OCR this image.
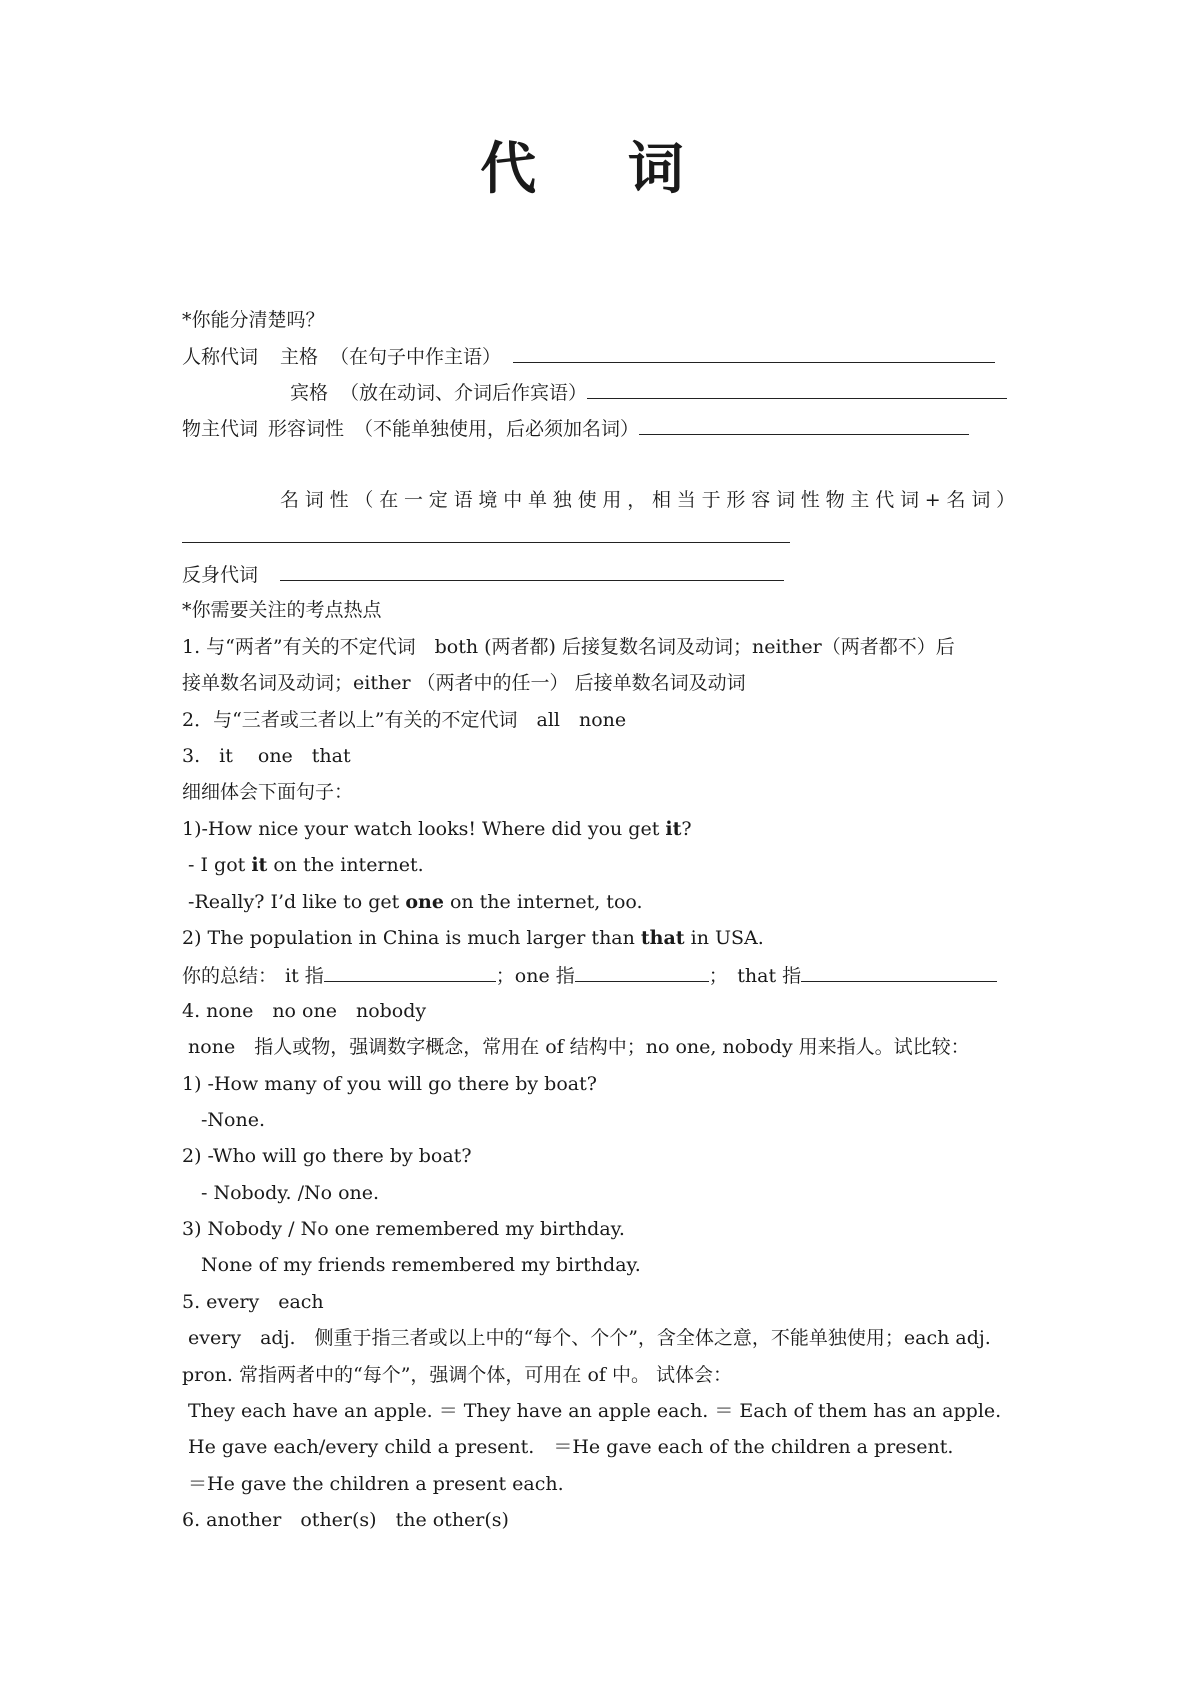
代 词
*你能分清楚吗？
人称代词 主格 （在句子中作主语）
宾格 （放在动词、介词后作宾语）
物主代词 形容词性 （不能单独使用，后必须加名词）
名词性（在一定语境中单独使用，相当于形容词性物主代词+名词）
反身代词
*你需要关注的考点热点
1. 与“两者”有关的不定代词　both (两者都) 后接复数名词及动词；neither（两者都不）后
接单数名词及动词；either （两者中的任一） 后接单数名词及动词
2．与“三者或三者以上”有关的不定代词　all　none
3.　it　 one　that
细细体会下面句子：
1)-How nice your watch looks! Where did you get it?
- I got it on the internet.
-Really? I’d like to get one on the internet, too.
2) The population in China is much larger than that in USA.
你的总结： it 指	；one 指	；　that 指
4. none　no one　nobody
none　指人或物，强调数字概念，常用在 of 结构中；no one, nobody 用来指人。试比较：
1) -How many of you will go there by boat?
　-None.
2) -Who will go there by boat?
　- Nobody. /No one.
3) Nobody / No one remembered my birthday.
　None of my friends remembered my birthday.
5. every　each
every　adj.　侧重于指三者或以上中的“每个、个个”，含全体之意，不能单独使用；each adj.
pron. 常指两者中的“每个”，强调个体，可用在 of 中。 试体会：
They each have an apple. ＝ They have an apple each. ＝ Each of them has an apple.
He gave each/every child a present.　＝He gave each of the children a present.
＝He gave the children a present each.
6. another　other(s)　the other(s)
